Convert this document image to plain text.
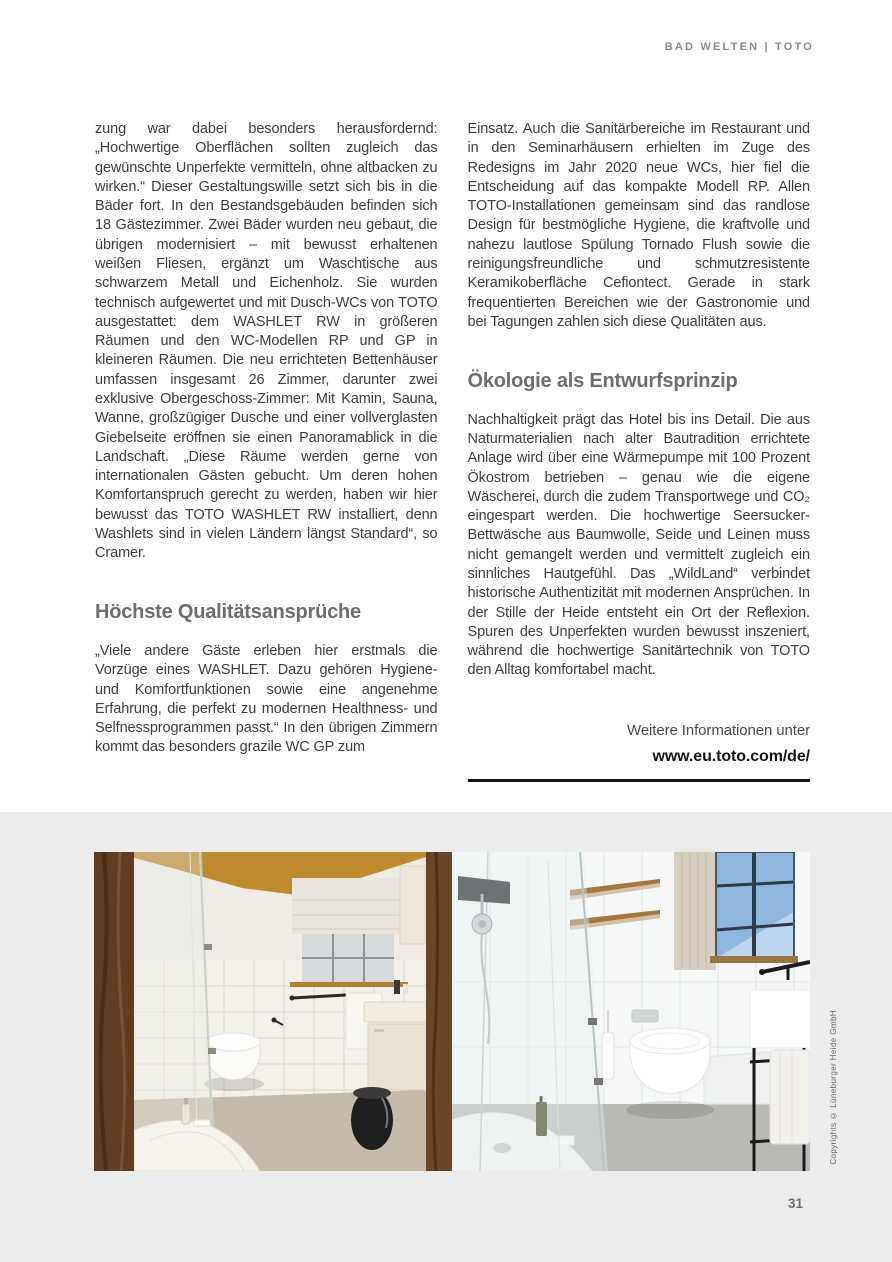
BAD WELTEN | TOTO

zung war dabei besonders herausfordernd: „Hochwertige Oberflächen sollten zugleich das gewünschte Unperfekte vermitteln, ohne altbacken zu wirken.“ Dieser Gestaltungswille setzt sich bis in die Bäder fort. In den Bestandsgebäuden befinden sich 18 Gästezimmer. Zwei Bäder wurden neu gebaut, die übrigen modernisiert – mit bewusst erhaltenen weißen Fliesen, ergänzt um Waschtische aus schwarzem Metall und Eichenholz. Sie wurden technisch aufgewertet und mit Dusch-WCs von TOTO ausgestattet: dem WASHLET RW in größeren Räumen und den WC-Modellen RP und GP in kleineren Räumen. Die neu errichteten Bettenhäuser umfassen insgesamt 26 Zimmer, darunter zwei exklusive Obergeschoss-Zimmer: Mit Kamin, Sauna, Wanne, großzügiger Dusche und einer vollverglasten Giebelseite eröffnen sie einen Panoramablick in die Landschaft. „Diese Räume werden gerne von internationalen Gästen gebucht. Um deren hohen Komfortanspruch gerecht zu werden, haben wir hier bewusst das TOTO WASHLET RW installiert, denn Washlets sind in vielen Ländern längst Standard“, so Cramer.

Höchste Qualitätsansprüche

„Viele andere Gäste erleben hier erstmals die Vorzüge eines WASHLET. Dazu gehören Hygiene- und Komfortfunktionen sowie eine angenehme Erfahrung, die perfekt zu modernen Healthness- und Selfnessprogrammen passt.“ In den übrigen Zimmern kommt das besonders grazile WC GP zum

Einsatz. Auch die Sanitärbereiche im Restaurant und in den Seminarhäusern erhielten im Zuge des Redesigns im Jahr 2020 neue WCs, hier fiel die Entscheidung auf das kompakte Modell RP. Allen TOTO-Installationen gemeinsam sind das randlose Design für bestmögliche Hygiene, die kraftvolle und nahezu lautlose Spülung Tornado Flush sowie die reinigungsfreundliche und schmutzresistente Keramikoberfläche Cefiontect. Gerade in stark frequentierten Bereichen wie der Gastronomie und bei Tagungen zahlen sich diese Qualitäten aus.

Ökologie als Entwurfsprinzip

Nachhaltigkeit prägt das Hotel bis ins Detail. Die aus Naturmaterialien nach alter Bautradition errichtete Anlage wird über eine Wärmepumpe mit 100 Prozent Ökostrom betrieben – genau wie die eigene Wäscherei, durch die zudem Transportwege und CO₂ eingespart werden. Die hochwertige Seersucker-Bettwäsche aus Baumwolle, Seide und Leinen muss nicht gemangelt werden und vermittelt zugleich ein sinnliches Hautgefühl. Das „WildLand“ verbindet historische Authentizität mit modernen Ansprüchen. In der Stille der Heide entsteht ein Ort der Reflexion. Spuren des Unperfekten wurden bewusst inszeniert, während die hochwertige Sanitärtechnik von TOTO den Alltag komfortabel macht.

Weitere Informationen unter
www.eu.toto.com/de/
Copyrights © Lüneburger Heide GmbH
31
